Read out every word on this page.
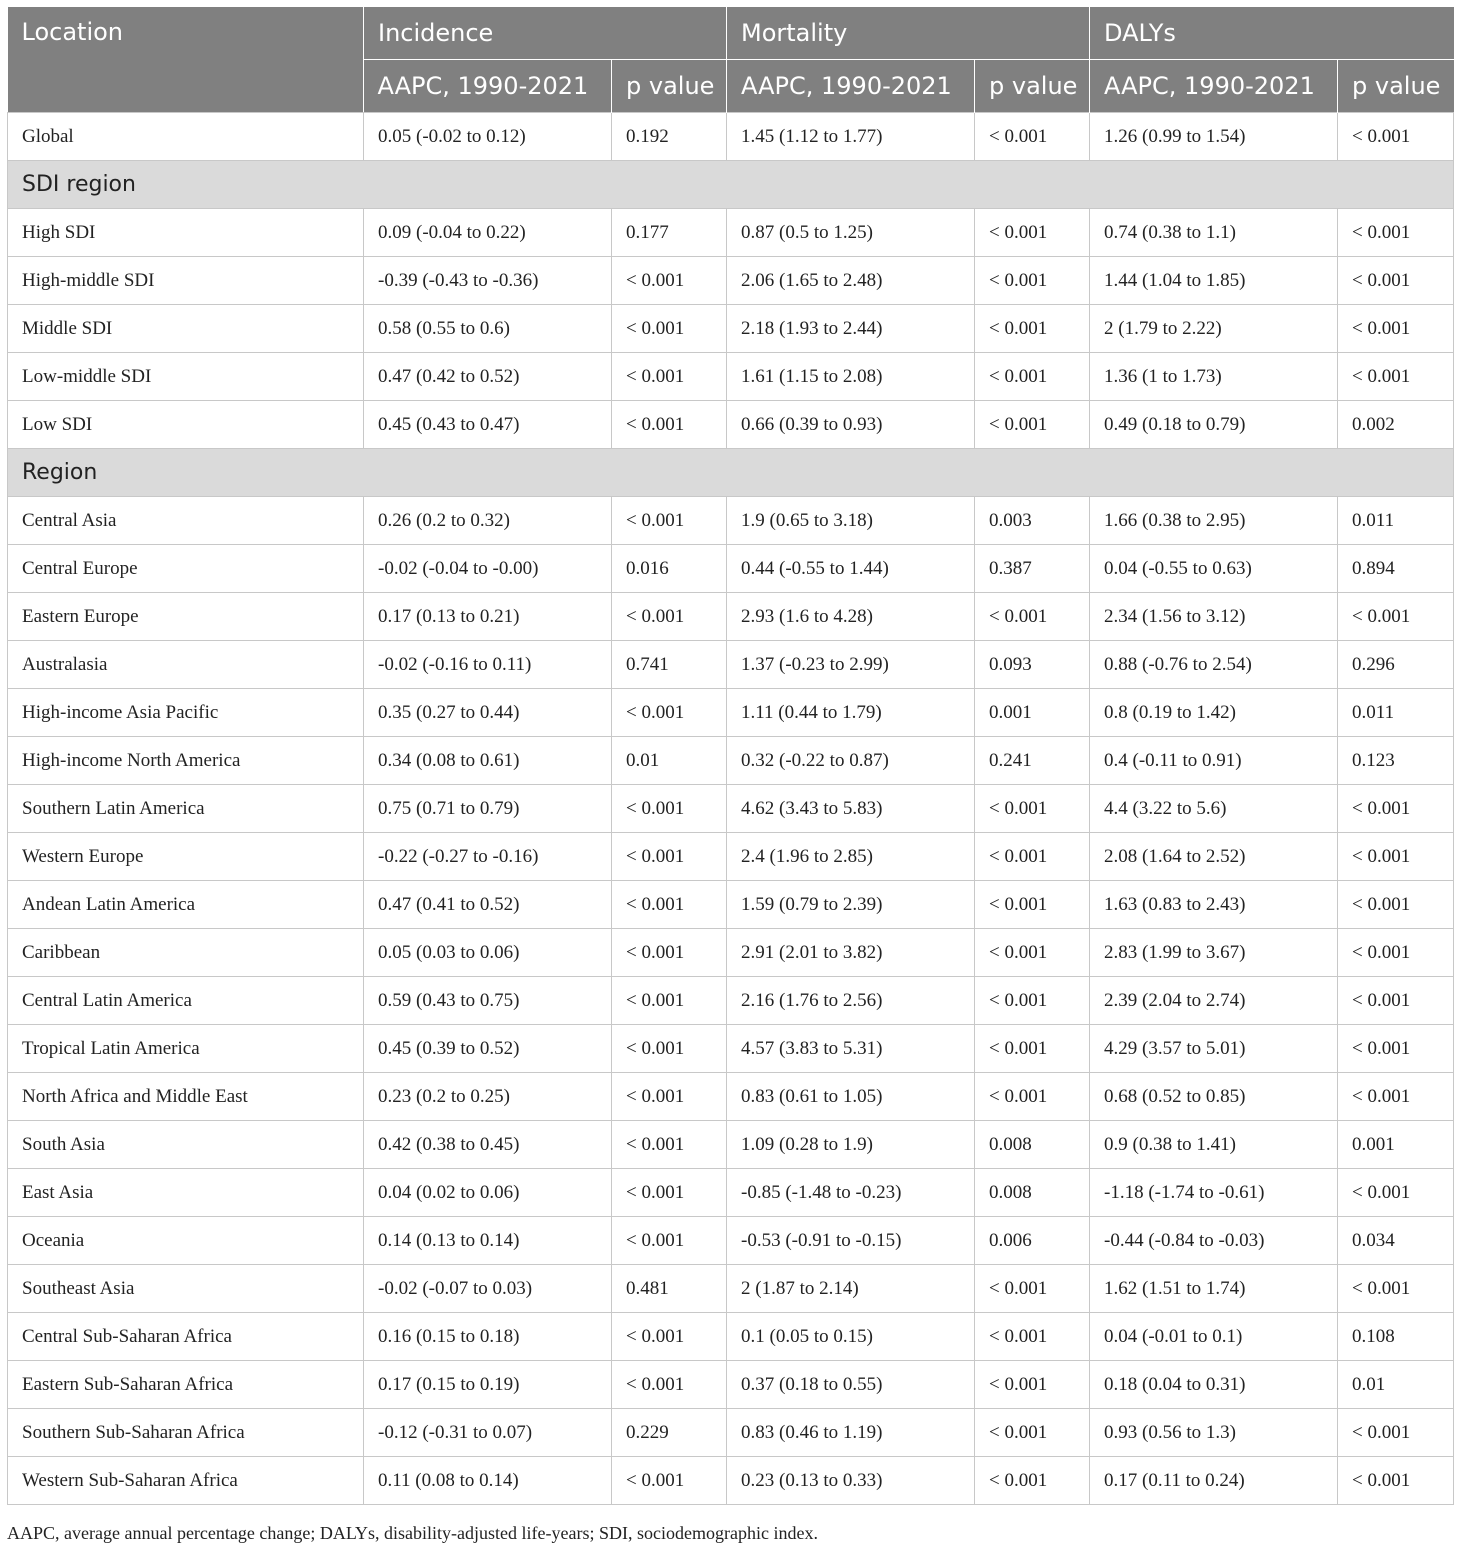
Location	Incidence		Mortality		DALYs	
	AAPC, 1990-2021	p value	AAPC, 1990-2021	p value	AAPC, 1990-2021	p value
Global	0.05 (-0.02 to 0.12)	0.192	1.45 (1.12 to 1.77)	< 0.001	1.26 (0.99 to 1.54)	< 0.001
SDI region						
High SDI	0.09 (-0.04 to 0.22)	0.177	0.87 (0.5 to 1.25)	< 0.001	0.74 (0.38 to 1.1)	< 0.001
High-middle SDI	-0.39 (-0.43 to -0.36)	< 0.001	2.06 (1.65 to 2.48)	< 0.001	1.44 (1.04 to 1.85)	< 0.001
Middle SDI	0.58 (0.55 to 0.6)	< 0.001	2.18 (1.93 to 2.44)	< 0.001	2 (1.79 to 2.22)	< 0.001
Low-middle SDI	0.47 (0.42 to 0.52)	< 0.001	1.61 (1.15 to 2.08)	< 0.001	1.36 (1 to 1.73)	< 0.001
Low SDI	0.45 (0.43 to 0.47)	< 0.001	0.66 (0.39 to 0.93)	< 0.001	0.49 (0.18 to 0.79)	0.002
Region						
Central Asia	0.26 (0.2 to 0.32)	< 0.001	1.9 (0.65 to 3.18)	0.003	1.66 (0.38 to 2.95)	0.011
Central Europe	-0.02 (-0.04 to -0.00)	0.016	0.44 (-0.55 to 1.44)	0.387	0.04 (-0.55 to 0.63)	0.894
Eastern Europe	0.17 (0.13 to 0.21)	< 0.001	2.93 (1.6 to 4.28)	< 0.001	2.34 (1.56 to 3.12)	< 0.001
Australasia	-0.02 (-0.16 to 0.11)	0.741	1.37 (-0.23 to 2.99)	0.093	0.88 (-0.76 to 2.54)	0.296
High-income Asia Pacific	0.35 (0.27 to 0.44)	< 0.001	1.11 (0.44 to 1.79)	0.001	0.8 (0.19 to 1.42)	0.011
High-income North America	0.34 (0.08 to 0.61)	0.01	0.32 (-0.22 to 0.87)	0.241	0.4 (-0.11 to 0.91)	0.123
Southern Latin America	0.75 (0.71 to 0.79)	< 0.001	4.62 (3.43 to 5.83)	< 0.001	4.4 (3.22 to 5.6)	< 0.001
Western Europe	-0.22 (-0.27 to -0.16)	< 0.001	2.4 (1.96 to 2.85)	< 0.001	2.08 (1.64 to 2.52)	< 0.001
Andean Latin America	0.47 (0.41 to 0.52)	< 0.001	1.59 (0.79 to 2.39)	< 0.001	1.63 (0.83 to 2.43)	< 0.001
Caribbean	0.05 (0.03 to 0.06)	< 0.001	2.91 (2.01 to 3.82)	< 0.001	2.83 (1.99 to 3.67)	< 0.001
Central Latin America	0.59 (0.43 to 0.75)	< 0.001	2.16 (1.76 to 2.56)	< 0.001	2.39 (2.04 to 2.74)	< 0.001
Tropical Latin America	0.45 (0.39 to 0.52)	< 0.001	4.57 (3.83 to 5.31)	< 0.001	4.29 (3.57 to 5.01)	< 0.001
North Africa and Middle East	0.23 (0.2 to 0.25)	< 0.001	0.83 (0.61 to 1.05)	< 0.001	0.68 (0.52 to 0.85)	< 0.001
South Asia	0.42 (0.38 to 0.45)	< 0.001	1.09 (0.28 to 1.9)	0.008	0.9 (0.38 to 1.41)	0.001
East Asia	0.04 (0.02 to 0.06)	< 0.001	-0.85 (-1.48 to -0.23)	0.008	-1.18 (-1.74 to -0.61)	< 0.001
Oceania	0.14 (0.13 to 0.14)	< 0.001	-0.53 (-0.91 to -0.15)	0.006	-0.44 (-0.84 to -0.03)	0.034
Southeast Asia	-0.02 (-0.07 to 0.03)	0.481	2 (1.87 to 2.14)	< 0.001	1.62 (1.51 to 1.74)	< 0.001
Central Sub-Saharan Africa	0.16 (0.15 to 0.18)	< 0.001	0.1 (0.05 to 0.15)	< 0.001	0.04 (-0.01 to 0.1)	0.108
Eastern Sub-Saharan Africa	0.17 (0.15 to 0.19)	< 0.001	0.37 (0.18 to 0.55)	< 0.001	0.18 (0.04 to 0.31)	0.01
Southern Sub-Saharan Africa	-0.12 (-0.31 to 0.07)	0.229	0.83 (0.46 to 1.19)	< 0.001	0.93 (0.56 to 1.3)	< 0.001
Western Sub-Saharan Africa	0.11 (0.08 to 0.14)	< 0.001	0.23 (0.13 to 0.33)	< 0.001	0.17 (0.11 to 0.24)	< 0.001

AAPC, average annual percentage change; DALYs, disability-adjusted life-years; SDI, sociodemographic index.
